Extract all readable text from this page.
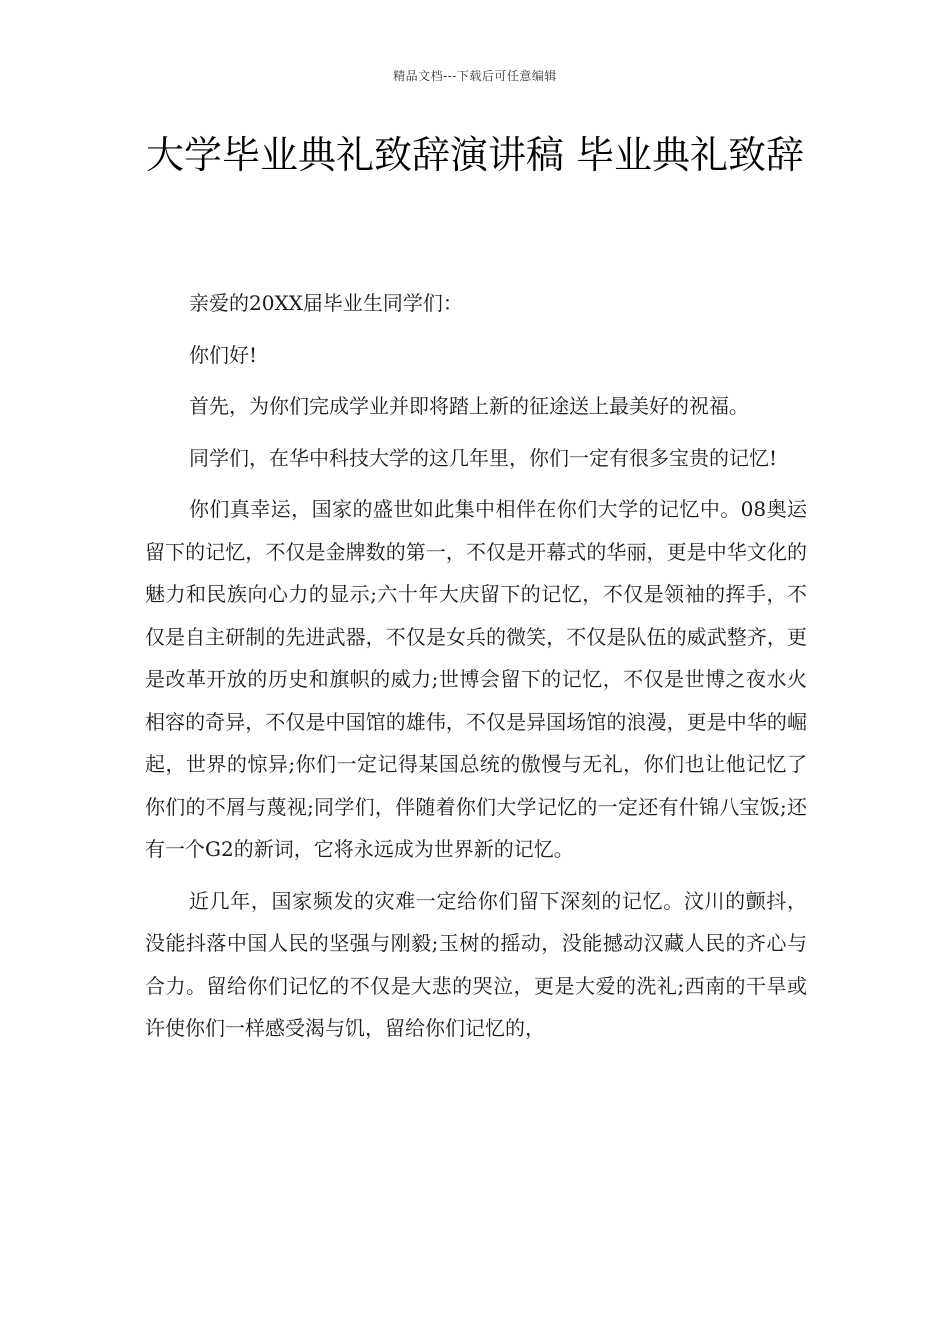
精品文档---下载后可任意编辑
大学毕业典礼致辞演讲稿 毕业典礼致辞

亲爱的20XX届毕业生同学们：

你们好!

首先，为你们完成学业并即将踏上新的征途送上最美好的祝福。

同学们，在华中科技大学的这几年里，你们一定有很多宝贵的记忆!

你们真幸运，国家的盛世如此集中相伴在你们大学的记忆中。08奥运留下的记忆，不仅是金牌数的第一，不仅是开幕式的华丽，更是中华文化的魅力和民族向心力的显示;六十年大庆留下的记忆，不仅是领袖的挥手，不仅是自主研制的先进武器，不仅是女兵的微笑，不仅是队伍的威武整齐，更是改革开放的历史和旗帜的威力;世博会留下的记忆，不仅是世博之夜水火相容的奇异，不仅是中国馆的雄伟，不仅是异国场馆的浪漫，更是中华的崛起，世界的惊异;你们一定记得某国总统的傲慢与无礼，你们也让他记忆了你们的不屑与蔑视;同学们，伴随着你们大学记忆的一定还有什锦八宝饭;还有一个G2的新词，它将永远成为世界新的记忆。

近几年，国家频发的灾难一定给你们留下深刻的记忆。汶川的颤抖，没能抖落中国人民的坚强与刚毅;玉树的摇动，没能撼动汉藏人民的齐心与合力。留给你们记忆的不仅是大悲的哭泣，更是大爱的洗礼;西南的干旱或许使你们一样感受渴与饥，留给你们记忆的，
